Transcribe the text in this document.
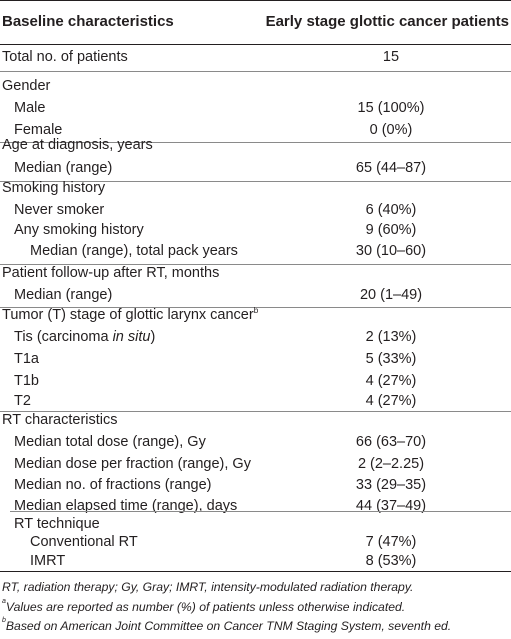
Baseline characteristics	Early stage glottic cancer patients
Total no. of patients	15
Gender
Male	15 (100%)
Female	0 (0%)
Age at diagnosis, years
Median (range)	65 (44–87)
Smoking history
Never smoker	6 (40%)
Any smoking history	9 (60%)
Median (range), total pack years	30 (10–60)
Patient follow-up after RT, months
Median (range)	20 (1–49)
Tumor (T) stage of glottic larynx cancer$^b$
Tis (carcinoma in situ)	2 (13%)
T1a	5 (33%)
T1b	4 (27%)
T2	4 (27%)
RT characteristics
Median total dose (range), Gy	66 (63–70)
Median dose per fraction (range), Gy	2 (2–2.25)
Median no. of fractions (range)	33 (29–35)
Median elapsed time (range), days	44 (37–49)
RT technique
Conventional RT	7 (47%)
IMRT	8 (53%)
RT, radiation therapy; Gy, Gray; IMRT, intensity-modulated radiation therapy.
$^a$Values are reported as number (%) of patients unless otherwise indicated.
$^b$Based on American Joint Committee on Cancer TNM Staging System, seventh ed.
